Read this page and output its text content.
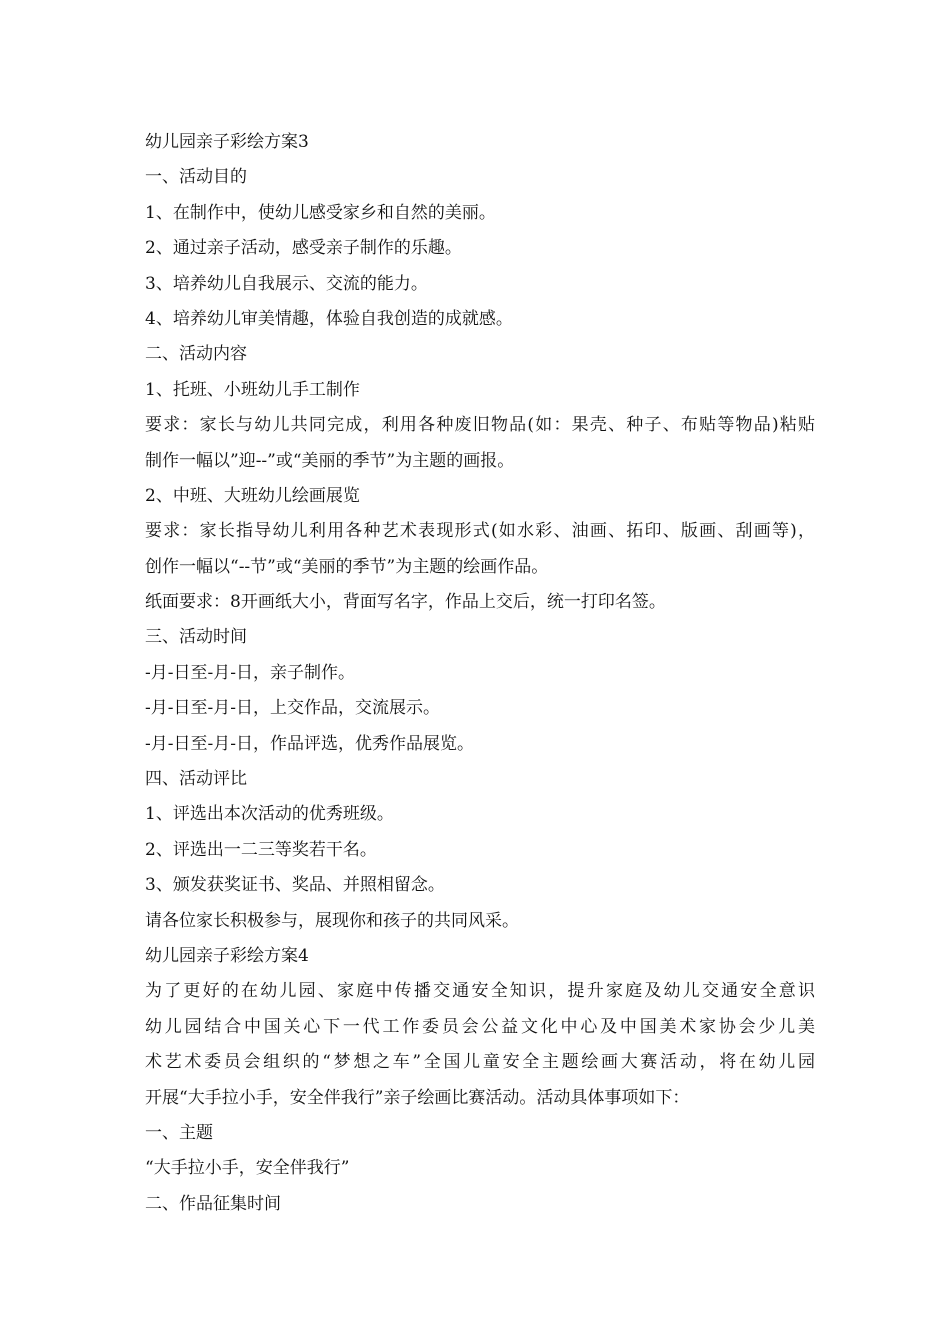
幼儿园亲子彩绘方案3
一、活动目的
1、在制作中，使幼儿感受家乡和自然的美丽。
2、通过亲子活动，感受亲子制作的乐趣。
3、培养幼儿自我展示、交流的能力。
4、培养幼儿审美情趣，体验自我创造的成就感。
二、活动内容
1、托班、小班幼儿手工制作
要求：家长与幼儿共同完成，利用各种废旧物品(如：果壳、种子、布贴等物品)粘贴
制作一幅以”迎--”或“美丽的季节”为主题的画报。
2、中班、大班幼儿绘画展览
要求：家长指导幼儿利用各种艺术表现形式(如水彩、油画、拓印、版画、刮画等)，
创作一幅以“--节”或“美丽的季节”为主题的绘画作品。
纸面要求：8开画纸大小，背面写名字，作品上交后，统一打印名签。
三、活动时间
-月-日至-月-日，亲子制作。
-月-日至-月-日，上交作品，交流展示。
-月-日至-月-日，作品评选，优秀作品展览。
四、活动评比
1、评选出本次活动的优秀班级。
2、评选出一二三等奖若干名。
3、颁发获奖证书、奖品、并照相留念。
请各位家长积极参与，展现你和孩子的共同风采。
幼儿园亲子彩绘方案4
为了更好的在幼儿园、家庭中传播交通安全知识，提升家庭及幼儿交通安全意识
幼儿园结合中国关心下一代工作委员会公益文化中心及中国美术家协会少儿美
术艺术委员会组织的“梦想之车”全国儿童安全主题绘画大赛活动，将在幼儿园
开展“大手拉小手，安全伴我行”亲子绘画比赛活动。活动具体事项如下：
一、主题
“大手拉小手，安全伴我行”
二、作品征集时间
